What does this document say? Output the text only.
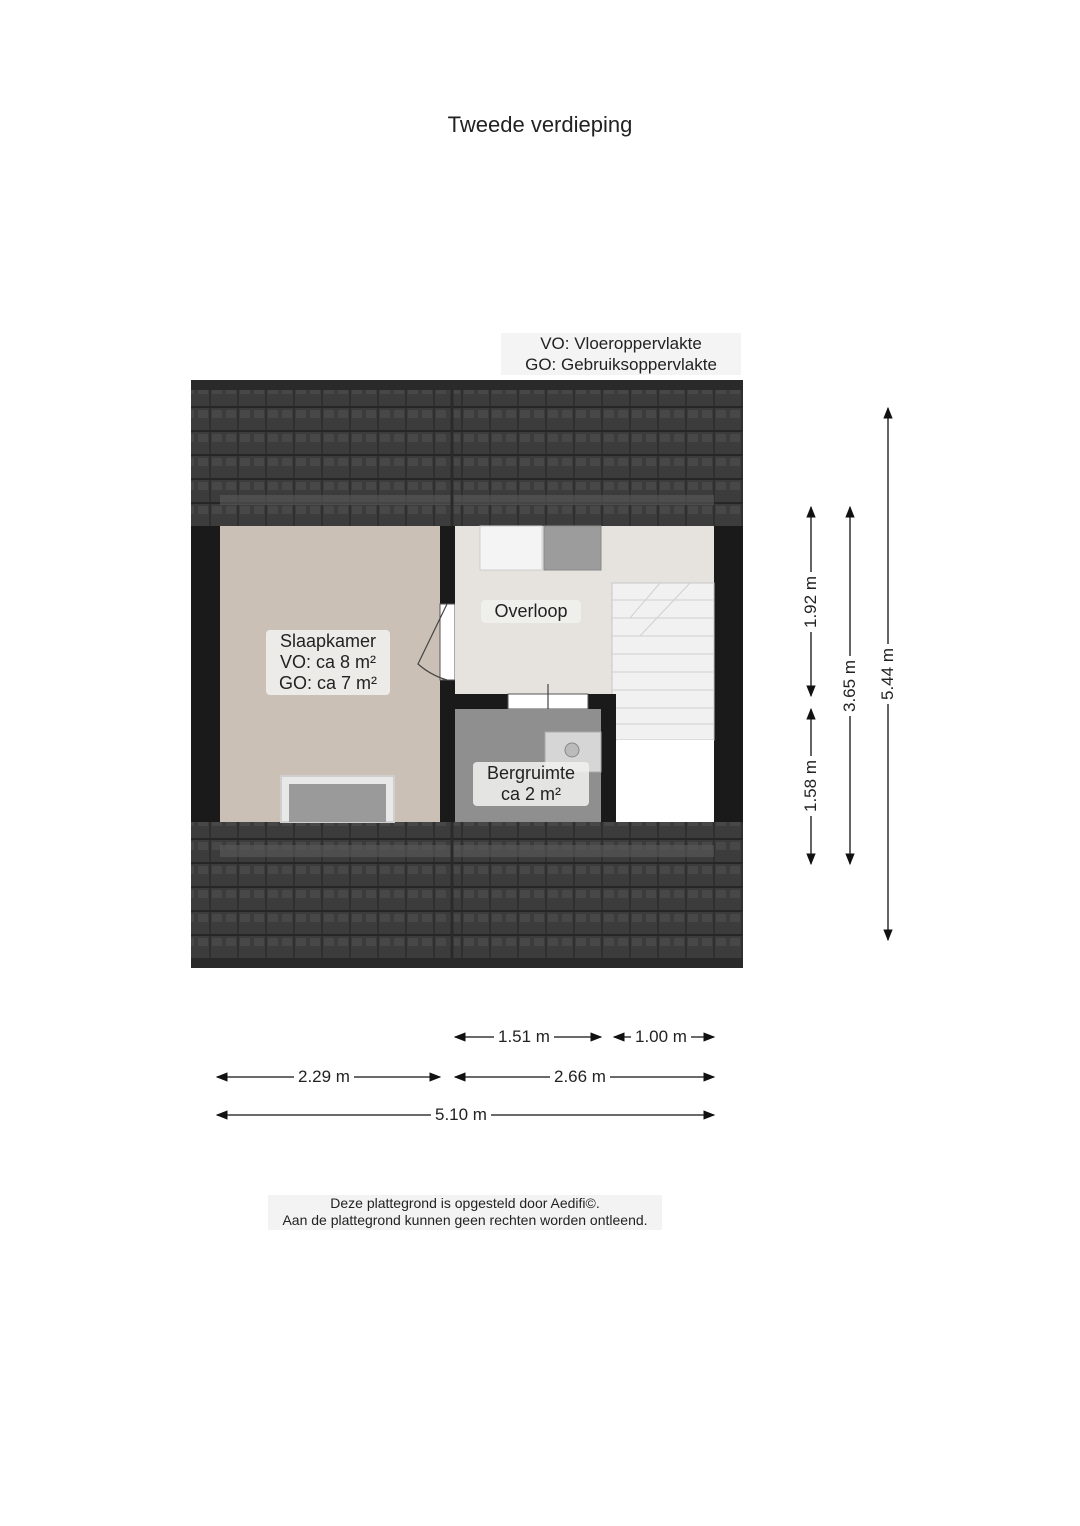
Tweede verdieping
VO: Vloeroppervlakte
GO: Gebruiksoppervlakte
Slaapkamer
VO: ca 8 m²
GO: ca 7 m²
Overloop
Bergruimte
ca 2 m²
1.51 m	1.00 m
2.29 m	2.66 m
5.10 m
1.92 m
1.58 m
3.65 m 5.44 m
Deze plattegrond is opgesteld door Aedifi©.
Aan de plattegrond kunnen geen rechten worden ontleend.
